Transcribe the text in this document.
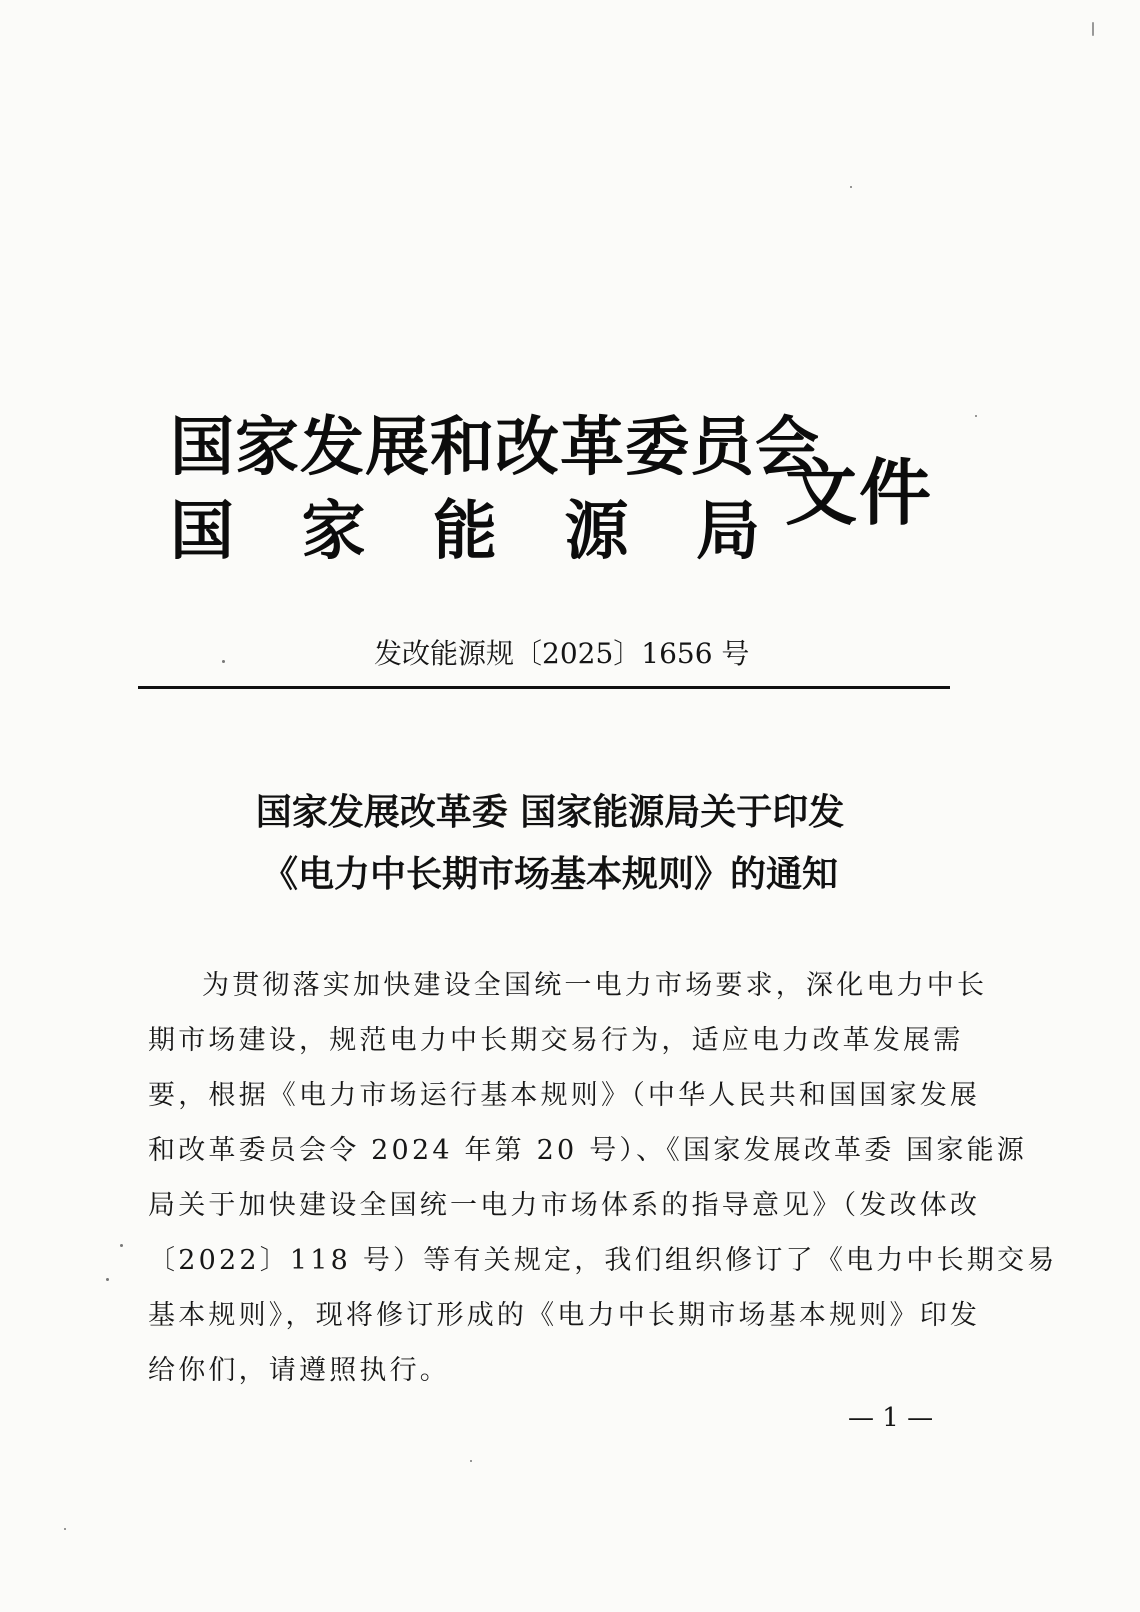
国家发展和改革委员会
国 家 能 源 局 文件
发改能源规〔2025〕1656 号
国家发展改革委 国家能源局关于印发
《电力中长期市场基本规则》的通知
为贯彻落实加快建设全国统一电力市场要求，深化电力中长
期市场建设，规范电力中长期交易行为，适应电力改革发展需
要，根据《电力市场运行基本规则》（中华人民共和国国家发展
和改革委员会令 2024 年第 20 号）、《国家发展改革委 国家能源
局关于加快建设全国统一电力市场体系的指导意见》（发改体改
〔2022〕118 号）等有关规定，我们组织修订了《电力中长期交易
基本规则》，现将修订形成的《电力中长期市场基本规则》印发
给你们，请遵照执行。
— 1 —
